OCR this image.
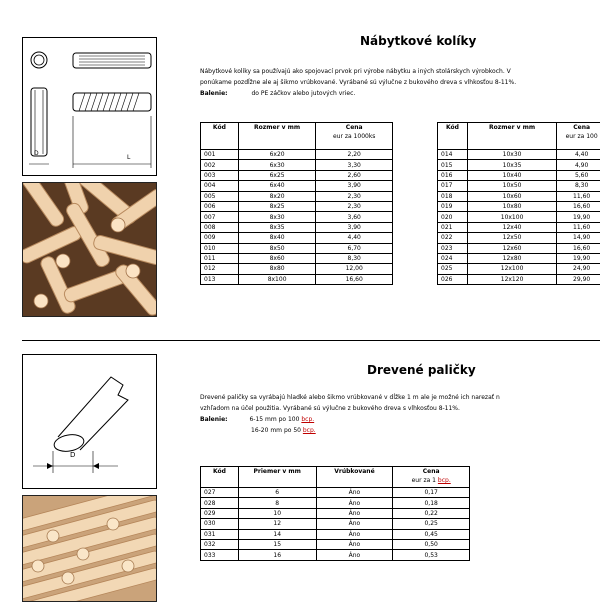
D
L
Nábytkové kolíky
Nábytkové kolíky sa používajú ako spojovací prvok pri výrobe nábytku a iných stolárskych výrobkoch. V
ponúkame pozdĺžne ale aj šikmo vrúbkované. Vyrábané sú výlučne z bukového dreva s vlhkosťou 8-11%.
Balenie:	do PE záčkov alebo jutových vriec.
Kód	Rozmer v mm	Cena
eur za 1000ks

001	6x20	2,20
002	6x30	3,30
003	6x25	2,60
004	6x40	3,90
005	8x20	2,30
006	8x25	2,30
007	8x30	3,60
008	8x35	3,90
009	8x40	4,40
010	8x50	6,70
011	8x60	8,30
012	8x80	12,00
013	8x100	16,60
Kód	Rozmer v mm	Cena
eur za 100

014	10x30	4,40
015	10x35	4,90
016	10x40	5,60
017	10x50	8,30
018	10x60	11,60
019	10x80	16,60
020	10x100	19,90
021	12x40	11,60
022	12x50	14,90
023	12x60	16,60
024	12x80	19,90
025	12x100	24,90
026	12x120	29,90
D
Drevené paličky
Drevené paličky sa vyrábajú hladké alebo šikmo vrúbkované v dĺžke 1 m ale je možné ich narezať n
vzhľadom na účel použitia. Vyrábané sú výlučne z bukového dreva s vlhkosťou 8-11%.
Balenie:	6-15 mm po 100 bcp.
16-20 mm po 50 bcp.
Kód	Priemer v mm	Vrúbkované	Cena
eur za 1 bcp.

027	6	Áno	0,17
028	8	Áno	0,18
029	10	Áno	0,22
030	12	Áno	0,25
031	14	Áno	0,45
032	15	Áno	0,50
033	16	Áno	0,53
